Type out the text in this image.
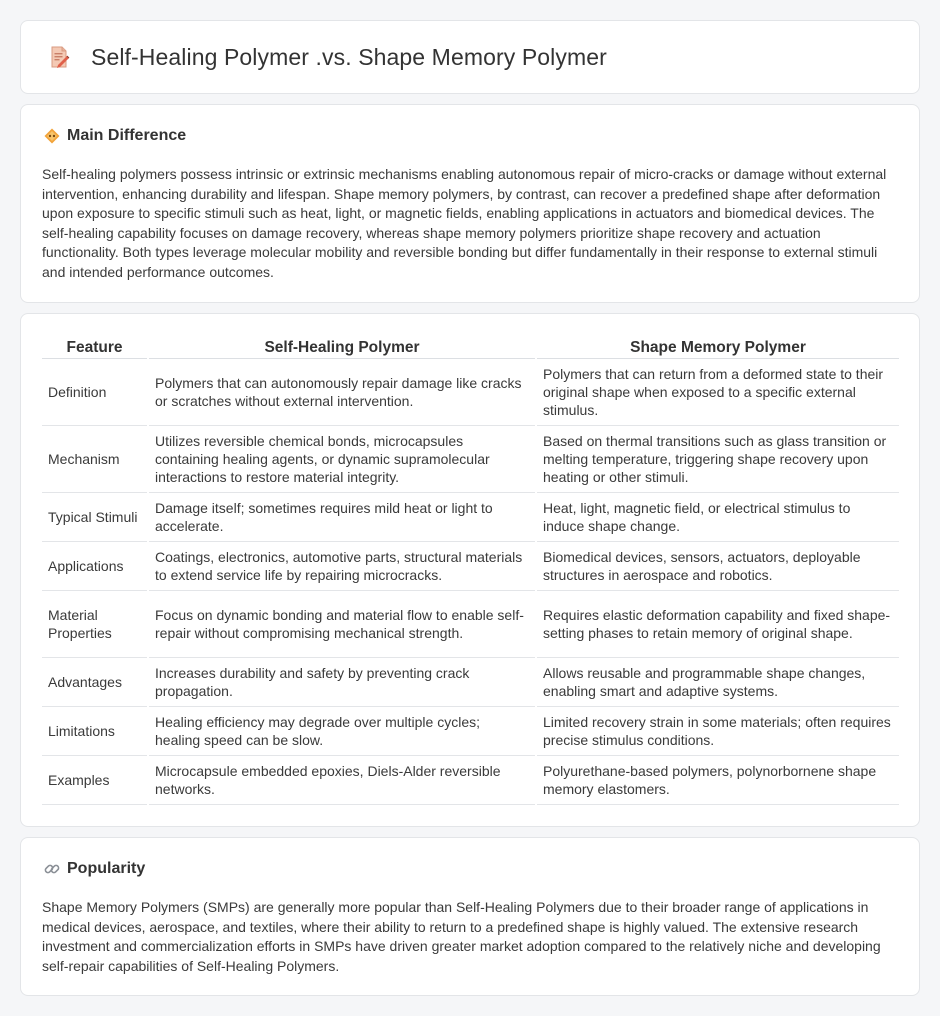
Self-Healing Polymer .vs. Shape Memory Polymer
Main Difference

Self-healing polymers possess intrinsic or extrinsic mechanisms enabling autonomous repair of micro-cracks or damage without external intervention, enhancing durability and lifespan. Shape memory polymers, by contrast, can recover a predefined shape after deformation upon exposure to specific stimuli such as heat, light, or magnetic fields, enabling applications in actuators and biomedical devices. The self-healing capability focuses on damage recovery, whereas shape memory polymers prioritize shape recovery and actuation functionality. Both types leverage molecular mobility and reversible bonding but differ fundamentally in their response to external stimuli and intended performance outcomes.

Feature	Self-Healing Polymer	Shape Memory Polymer
Definition	Polymers that can autonomously repair damage like cracks or scratches without external intervention.	Polymers that can return from a deformed state to their original shape when exposed to a specific external stimulus.
Mechanism	Utilizes reversible chemical bonds, microcapsules containing healing agents, or dynamic supramolecular interactions to restore material integrity.	Based on thermal transitions such as glass transition or melting temperature, triggering shape recovery upon heating or other stimuli.
Typical Stimuli	Damage itself; sometimes requires mild heat or light to accelerate.	Heat, light, magnetic field, or electrical stimulus to induce shape change.
Applications	Coatings, electronics, automotive parts, structural materials to extend service life by repairing microcracks.	Biomedical devices, sensors, actuators, deployable structures in aerospace and robotics.
Material Properties	Focus on dynamic bonding and material flow to enable self-repair without compromising mechanical strength.	Requires elastic deformation capability and fixed shape-setting phases to retain memory of original shape.
Advantages	Increases durability and safety by preventing crack propagation.	Allows reusable and programmable shape changes, enabling smart and adaptive systems.
Limitations	Healing efficiency may degrade over multiple cycles; healing speed can be slow.	Limited recovery strain in some materials; often requires precise stimulus conditions.
Examples	Microcapsule embedded epoxies, Diels-Alder reversible networks.	Polyurethane-based polymers, polynorbornene shape memory elastomers.
Popularity

Shape Memory Polymers (SMPs) are generally more popular than Self-Healing Polymers due to their broader range of applications in medical devices, aerospace, and textiles, where their ability to return to a predefined shape is highly valued. The extensive research investment and commercialization efforts in SMPs have driven greater market adoption compared to the relatively niche and developing self-repair capabilities of Self-Healing Polymers.
